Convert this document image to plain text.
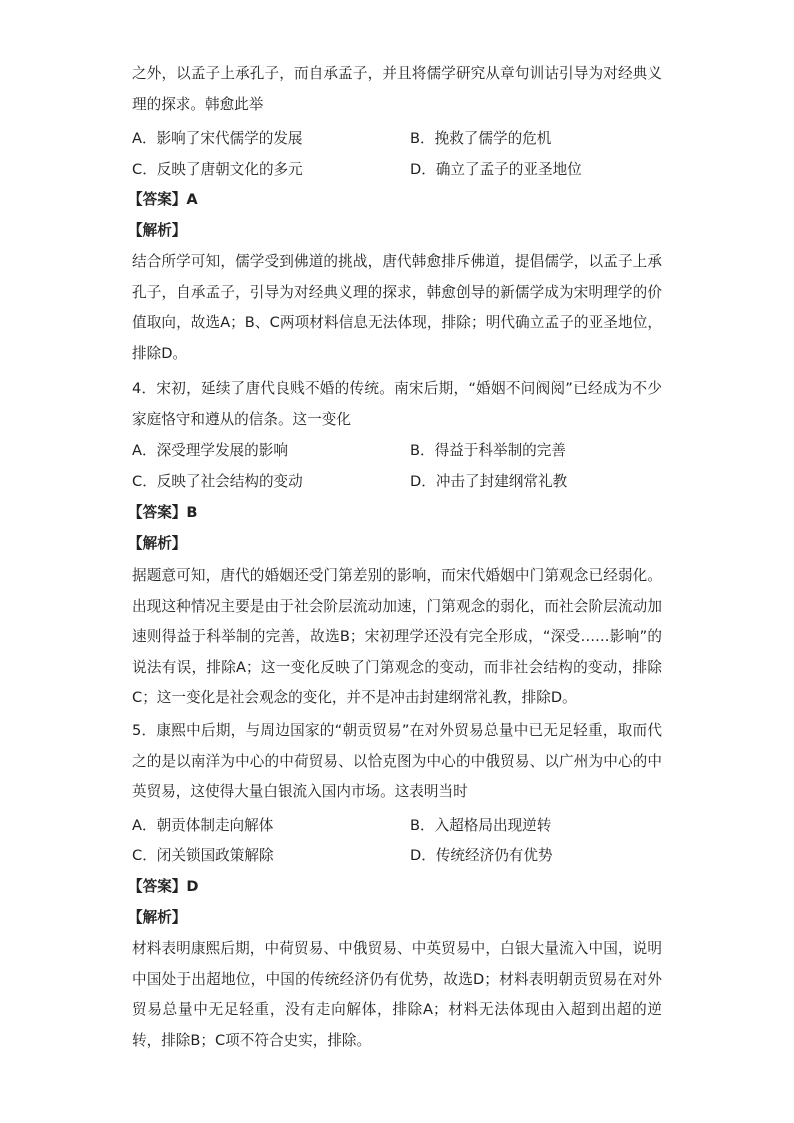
之外，以孟子上承孔子，而自承孟子，并且将儒学研究从章句训诂引导为对经典义理的探求。韩愈此举

A．影响了宋代儒学的发展	B．挽救了儒学的危机
C．反映了唐朝文化的多元	D．确立了孟子的亚圣地位
【答案】A
【解析】

结合所学可知，儒学受到佛道的挑战，唐代韩愈排斥佛道，提倡儒学，以孟子上承孔子，自承孟子，引导为对经典义理的探求，韩愈创导的新儒学成为宋明理学的价值取向，故选A；B、C两项材料信息无法体现，排除；明代确立孟子的亚圣地位，排除D。

4．宋初，延续了唐代良贱不婚的传统。南宋后期，“婚姻不问阀阅”已经成为不少家庭恪守和遵从的信条。这一变化

A．深受理学发展的影响	B．得益于科举制的完善
C．反映了社会结构的变动	D．冲击了封建纲常礼教
【答案】B
【解析】

据题意可知，唐代的婚姻还受门第差别的影响，而宋代婚姻中门第观念已经弱化。出现这种情况主要是由于社会阶层流动加速，门第观念的弱化，而社会阶层流动加速则得益于科举制的完善，故选B；宋初理学还没有完全形成，“深受……影响”的说法有误，排除A；这一变化反映了门第观念的变动，而非社会结构的变动，排除C；这一变化是社会观念的变化，并不是冲击封建纲常礼教，排除D。

5．康熙中后期，与周边国家的“朝贡贸易”在对外贸易总量中已无足轻重，取而代之的是以南洋为中心的中荷贸易、以恰克图为中心的中俄贸易、以广州为中心的中英贸易，这使得大量白银流入国内市场。这表明当时

A．朝贡体制走向解体	B．入超格局出现逆转
C．闭关锁国政策解除	D．传统经济仍有优势
【答案】D
【解析】

材料表明康熙后期，中荷贸易、中俄贸易、中英贸易中，白银大量流入中国，说明中国处于出超地位，中国的传统经济仍有优势，故选D；材料表明朝贡贸易在对外贸易总量中无足轻重，没有走向解体，排除A；材料无法体现由入超到出超的逆转，排除B；C项不符合史实，排除。
